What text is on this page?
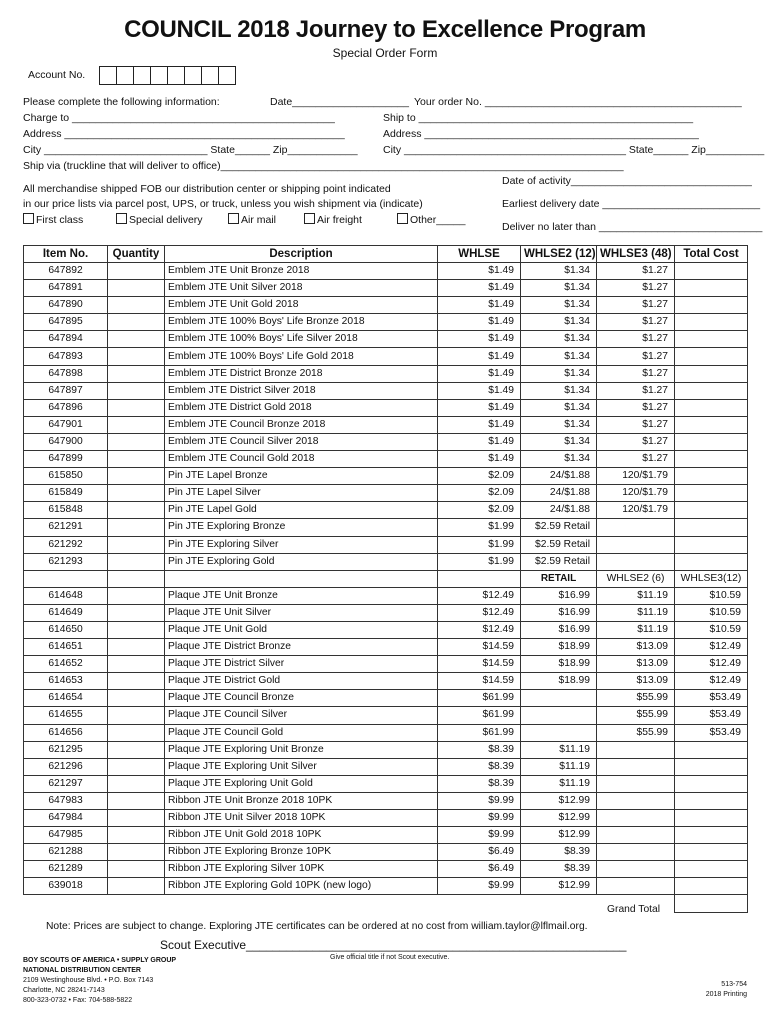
COUNCIL 2018 Journey to Excellence Program
Special Order Form
Account No.
Please complete the following information:	Date____________________ Your order No. ____________________________________________
Charge to _____________________________________________	Ship to _______________________________________________
Address ________________________________________________	Address _______________________________________________
City ____________________________ State______ Zip____________ City ______________________________________ State______ Zip__________
Ship via (truckline that will deliver to office)_____________________________________________________________________
Date of activity_______________________________
All merchandise shipped FOB our distribution center or shipping point indicated
in our price lists via parcel post, UPS, or truck, unless you wish shipment via (indicate)	Earliest delivery date ___________________________
First class	Special delivery	Air mail	Air freight	Other_____
Deliver no later than ____________________________
Item No.	Quantity	Description	WHLSE	WHLSE2 (12)	WHLSE3 (48)	Total Cost
647892		Emblem JTE Unit Bronze 2018	$1.49	$1.34	$1.27	
647891		Emblem JTE Unit Silver 2018	$1.49	$1.34	$1.27	
647890		Emblem JTE Unit Gold 2018	$1.49	$1.34	$1.27	
647895		Emblem JTE 100% Boys' Life Bronze 2018	$1.49	$1.34	$1.27	
647894		Emblem JTE 100% Boys' Life Silver 2018	$1.49	$1.34	$1.27	
647893		Emblem JTE 100% Boys' Life Gold 2018	$1.49	$1.34	$1.27	
647898		Emblem JTE District Bronze 2018	$1.49	$1.34	$1.27	
647897		Emblem JTE District Silver 2018	$1.49	$1.34	$1.27	
647896		Emblem JTE District Gold 2018	$1.49	$1.34	$1.27	
647901		Emblem JTE Council Bronze 2018	$1.49	$1.34	$1.27	
647900		Emblem JTE Council Silver 2018	$1.49	$1.34	$1.27	
647899		Emblem JTE Council Gold 2018	$1.49	$1.34	$1.27	
615850		Pin JTE Lapel Bronze	$2.09	24/$1.88	120/$1.79	
615849		Pin JTE Lapel Silver	$2.09	24/$1.88	120/$1.79	
615848		Pin JTE Lapel Gold	$2.09	24/$1.88	120/$1.79	
621291		Pin JTE Exploring Bronze	$1.99	$2.59 Retail		
621292		Pin JTE Exploring Silver	$1.99	$2.59 Retail		
621293		Pin JTE Exploring Gold	$1.99	$2.59 Retail		
				RETAIL	WHLSE2 (6)	WHLSE3(12)
614648		Plaque JTE Unit Bronze	$12.49	$16.99	$11.19	$10.59
614649		Plaque JTE Unit Silver	$12.49	$16.99	$11.19	$10.59
614650		Plaque JTE Unit Gold	$12.49	$16.99	$11.19	$10.59
614651		Plaque JTE District Bronze	$14.59	$18.99	$13.09	$12.49
614652		Plaque JTE District Silver	$14.59	$18.99	$13.09	$12.49
614653		Plaque JTE District Gold	$14.59	$18.99	$13.09	$12.49
614654		Plaque JTE Council Bronze	$61.99		$55.99	$53.49
614655		Plaque JTE Council Silver	$61.99		$55.99	$53.49
614656		Plaque JTE Council Gold	$61.99		$55.99	$53.49
621295		Plaque JTE Exploring Unit Bronze	$8.39	$11.19		
621296		Plaque JTE Exploring Unit Silver	$8.39	$11.19		
621297		Plaque JTE Exploring Unit Gold	$8.39	$11.19		
647983		Ribbon JTE Unit Bronze 2018 10PK	$9.99	$12.99		
647984		Ribbon JTE Unit Silver 2018 10PK	$9.99	$12.99		
647985		Ribbon JTE Unit Gold 2018 10PK	$9.99	$12.99		
621288		Ribbon JTE Exploring Bronze 10PK	$6.49	$8.39		
621289		Ribbon JTE Exploring Silver 10PK	$6.49	$8.39		
639018		Ribbon JTE Exploring Gold 10PK (new logo)	$9.99	$12.99		

Grand Total
Note: Prices are subject to change. Exploring JTE certificates can be ordered at no cost from william.taylor@lflmail.org.
Scout Executive_________________________________________________________
Give official title if not Scout executive.
BOY SCOUTS OF AMERICA • SUPPLY GROUP
NATIONAL DISTRIBUTION CENTER
2109 Westinghouse Blvd. • P.O. Box 7143
Charlotte, NC 28241-7143
800-323-0732 • Fax: 704-588-5822
513-754
2018 Printing
